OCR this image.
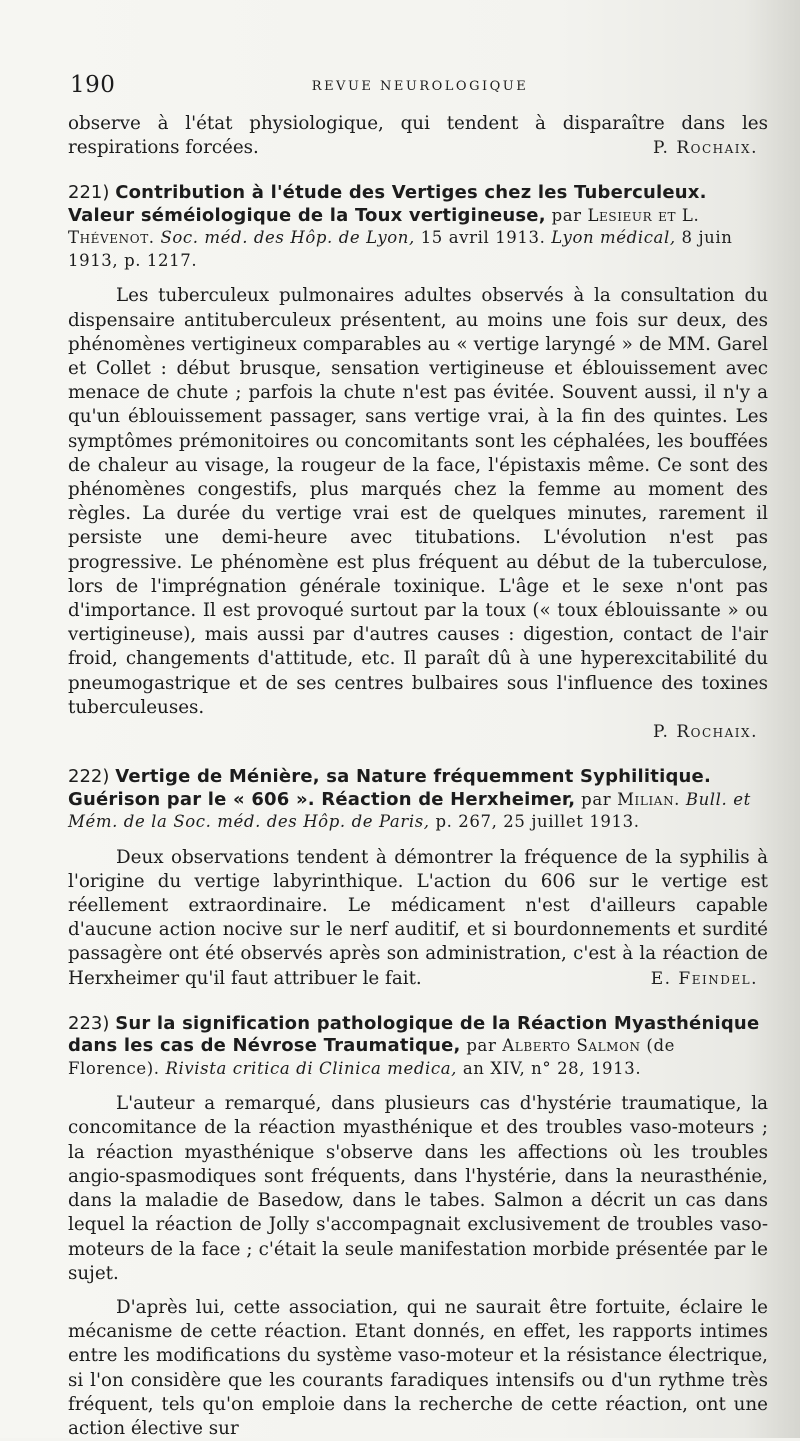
190	REVUE NEUROLOGIQUE

observe à l'état physiologique, qui tendent à disparaître dans les respirations forcées.	P. Rochaix.

221) Contribution à l'étude des Vertiges chez les Tuberculeux. Valeur séméiologique de la Toux vertigineuse, par Lesieur et L. Thévenot. Soc. méd. des Hôp. de Lyon, 15 avril 1913. Lyon médical, 8 juin 1913, p. 1217.

Les tuberculeux pulmonaires adultes observés à la consultation du dispensaire antituberculeux présentent, au moins une fois sur deux, des phénomènes vertigineux comparables au « vertige laryngé » de MM. Garel et Collet : début brusque, sensation vertigineuse et éblouissement avec menace de chute ; parfois la chute n'est pas évitée. Souvent aussi, il n'y a qu'un éblouissement passager, sans vertige vrai, à la fin des quintes. Les symptômes prémonitoires ou concomitants sont les céphalées, les bouffées de chaleur au visage, la rougeur de la face, l'épistaxis même. Ce sont des phénomènes congestifs, plus marqués chez la femme au moment des règles. La durée du vertige vrai est de quelques minutes, rarement il persiste une demi-heure avec titubations. L'évolution n'est pas progressive. Le phénomène est plus fréquent au début de la tuberculose, lors de l'imprégnation générale toxinique. L'âge et le sexe n'ont pas d'importance. Il est provoqué surtout par la toux (« toux éblouissante » ou vertigineuse), mais aussi par d'autres causes : digestion, contact de l'air froid, changements d'attitude, etc. Il paraît dû à une hyperexcitabilité du pneumogastrique et de ses centres bulbaires sous l'influence des toxines tuberculeuses.

P. Rochaix.

222) Vertige de Ménière, sa Nature fréquemment Syphilitique. Guérison par le « 606 ». Réaction de Herxheimer, par Milian. Bull. et Mém. de la Soc. méd. des Hôp. de Paris, p. 267, 25 juillet 1913.

Deux observations tendent à démontrer la fréquence de la syphilis à l'origine du vertige labyrinthique. L'action du 606 sur le vertige est réellement extraordinaire. Le médicament n'est d'ailleurs capable d'aucune action nocive sur le nerf auditif, et si bourdonnements et surdité passagère ont été observés après son administration, c'est à la réaction de Herxheimer qu'il faut attribuer le fait.	E. Feindel.

223) Sur la signification pathologique de la Réaction Myasthénique dans les cas de Névrose Traumatique, par Alberto Salmon (de Florence). Rivista critica di Clinica medica, an XIV, n° 28, 1913.

L'auteur a remarqué, dans plusieurs cas d'hystérie traumatique, la concomitance de la réaction myasthénique et des troubles vaso-moteurs ; la réaction myasthénique s'observe dans les affections où les troubles angio-spasmodiques sont fréquents, dans l'hystérie, dans la neurasthénie, dans la maladie de Basedow, dans le tabes. Salmon a décrit un cas dans lequel la réaction de Jolly s'accompagnait exclusivement de troubles vaso-moteurs de la face ; c'était la seule manifestation morbide présentée par le sujet.

D'après lui, cette association, qui ne saurait être fortuite, éclaire le mécanisme de cette réaction. Etant donnés, en effet, les rapports intimes entre les modifications du système vaso-moteur et la résistance électrique, si l'on considère que les courants faradiques intensifs ou d'un rythme très fréquent, tels qu'on emploie dans la recherche de cette réaction, ont une action élective sur
